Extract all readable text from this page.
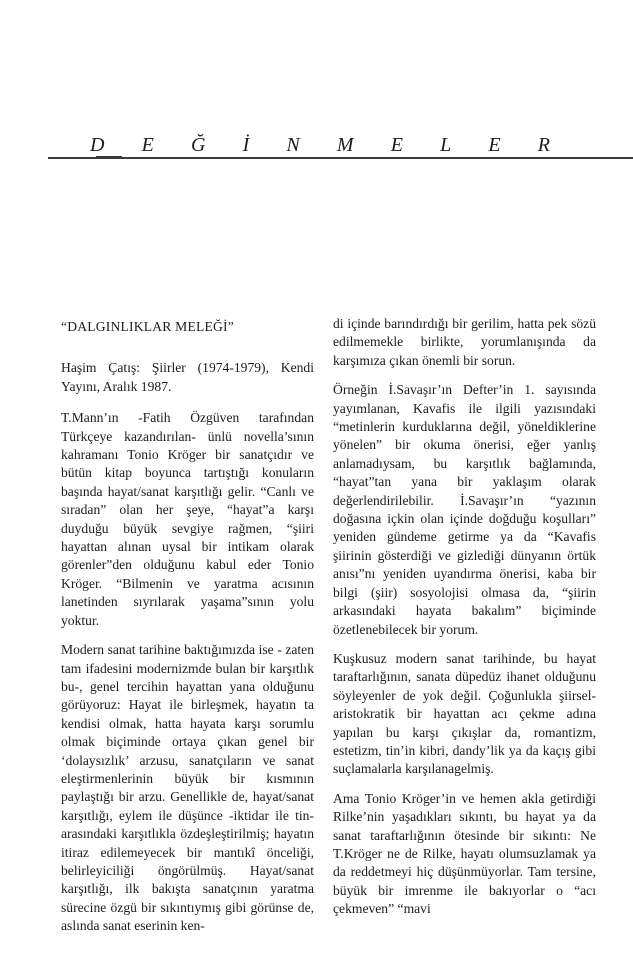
D E Ğ İ N M E L E R

“DALGINLIKLAR MELEĞİ”

Haşim Çatış: Şiirler (1974-1979), Kendi Yayını, Aralık 1987.

T.Mann’ın -Fatih Özgüven tarafından Türkçeye kazandırılan- ünlü novella’sının kahramanı Tonio Kröger bir sanatçıdır ve bütün kitap boyunca tartıştığı konuların başında hayat/sanat karşıtlığı gelir. “Canlı ve sıradan” olan her şeye, “hayat”a karşı duyduğu büyük sevgiye rağmen, “şiiri hayattan alınan uysal bir intikam olarak görenler”den olduğunu kabul eder Tonio Kröger. “Bilmenin ve yaratma acısının lanetinden sıyrılarak yaşama”sının yolu yoktur.

Modern sanat tarihine baktığımızda ise - zaten tam ifadesini modernizmde bulan bir karşıtlık bu-, genel tercihin hayattan yana olduğunu görüyoruz: Hayat ile birleşmek, hayatın ta kendisi olmak, hatta hayata karşı sorumlu olmak biçiminde ortaya çıkan genel bir ‘dolaysızlık’ arzusu, sanatçıların ve sanat eleştirmenlerinin büyük bir kısmının paylaştığı bir arzu. Genellikle de, hayat/sanat karşıtlığı, eylem ile düşünce -iktidar ile tin- arasındaki karşıtlıkla özdeşleştirilmiş; hayatın itiraz edilemeyecek bir mantıkî önceliği, belirleyiciliği öngörülmüş. Hayat/sanat karşıtlığı, ilk bakışta sanatçının yaratma sürecine özgü bir sıkıntıymış gibi görünse de, aslında sanat eserinin ken-

di içinde barındırdığı bir gerilim, hatta pek sözü edilmemekle birlikte, yorumlanışında da karşımıza çıkan önemli bir sorun.

Örneğin İ.Savaşır’ın Defter’in 1. sayısında yayımlanan, Kavafis ile ilgili yazısındaki “metinlerin kurduklarına değil, yöneldiklerine yönelen” bir okuma önerisi, eğer yanlış anlamadıysam, bu karşıtlık bağlamında, “hayat”tan yana bir yaklaşım olarak değerlendirilebilir. İ.Savaşır’ın “yazının doğasına içkin olan içinde doğduğu koşulları” yeniden gündeme getirme ya da “Kavafis şiirinin gösterdiği ve gizlediği dünyanın örtük anısı”nı yeniden uyandırma önerisi, kaba bir bilgi (şiir) sosyolojisi olmasa da, “şiirin arkasındaki hayata bakalım” biçiminde özetlenebilecek bir yorum.

Kuşkusuz modern sanat tarihinde, bu hayat taraftarlığının, sanata düpedüz ihanet olduğunu söyleyenler de yok değil. Çoğunlukla şiirsel-aristokratik bir hayattan acı çekme adına yapılan bu karşı çıkışlar da, romantizm, estetizm, tin’in kibri, dandy’lik ya da kaçış gibi suçlamalarla karşılanagelmiş.

Ama Tonio Kröger’in ve hemen akla getirdiği Rilke’nin yaşadıkları sıkıntı, bu hayat ya da sanat taraftarlığının ötesinde bir sıkıntı: Ne T.Kröger ne de Rilke, hayatı olumsuzlamak ya da reddetmeyi hiç düşünmüyorlar. Tam tersine, büyük bir imrenme ile bakıyorlar o “acı çekmeven” “mavi
